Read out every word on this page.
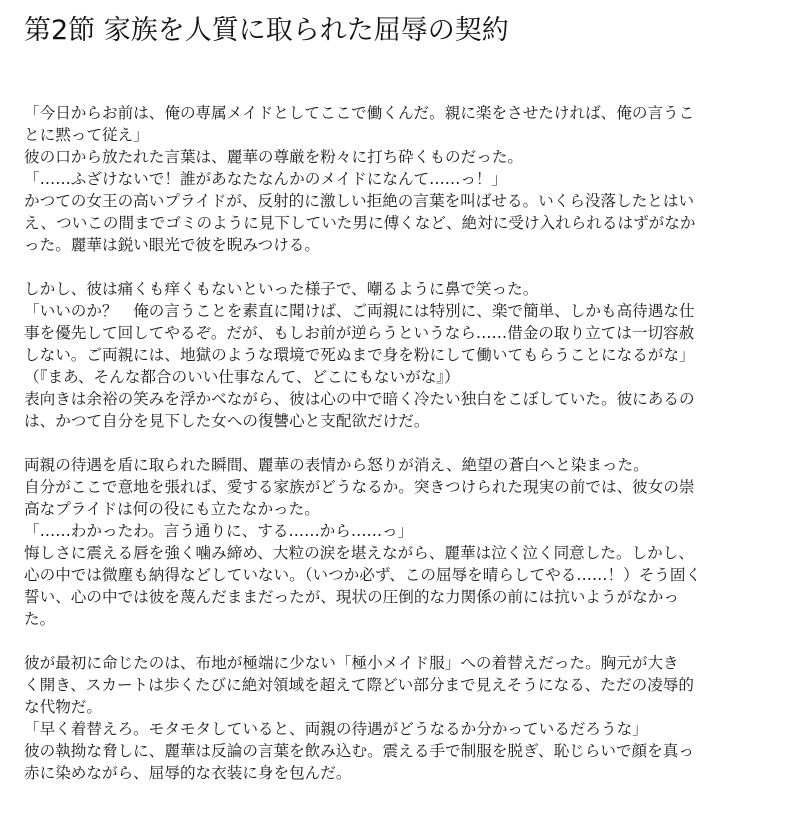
第2節 家族を人質に取られた屈辱の契約

「今日からお前は、俺の専属メイドとしてここで働くんだ。親に楽をさせたければ、俺の言うこ
とに黙って従え」
彼の口から放たれた言葉は、麗華の尊厳を粉々に打ち砕くものだった。
「……ふざけないで！誰があなたなんかのメイドになんて……っ！」
かつての女王の高いプライドが、反射的に激しい拒絶の言葉を叫ばせる。いくら没落したとはい
え、ついこの間までゴミのように見下していた男に傅くなど、絶対に受け入れられるはずがなか
った。麗華は鋭い眼光で彼を睨みつける。

しかし、彼は痛くも痒くもないといった様子で、嘲るように鼻で笑った。
「いいのか？　俺の言うことを素直に聞けば、ご両親には特別に、楽で簡単、しかも高待遇な仕
事を優先して回してやるぞ。だが、もしお前が逆らうというなら……借金の取り立ては一切容赦
しない。ご両親には、地獄のような環境で死ぬまで身を粉にして働いてもらうことになるがな」
（『まあ、そんな都合のいい仕事なんて、どこにもないがな』）
表向きは余裕の笑みを浮かべながら、彼は心の中で暗く冷たい独白をこぼしていた。彼にあるの
は、かつて自分を見下した女への復讐心と支配欲だけだ。

両親の待遇を盾に取られた瞬間、麗華の表情から怒りが消え、絶望の蒼白へと染まった。
自分がここで意地を張れば、愛する家族がどうなるか。突きつけられた現実の前では、彼女の崇
高なプライドは何の役にも立たなかった。
「……わかったわ。言う通りに、する……から……っ」
悔しさに震える唇を強く噛み締め、大粒の涙を堪えながら、麗華は泣く泣く同意した。しかし、
心の中では微塵も納得などしていない。（いつか必ず、この屈辱を晴らしてやる……！）そう固く
誓い、心の中では彼を蔑んだままだったが、現状の圧倒的な力関係の前には抗いようがなかっ
た。

彼が最初に命じたのは、布地が極端に少ない「極小メイド服」への着替えだった。胸元が大き
く開き、スカートは歩くたびに絶対領域を超えて際どい部分まで見えそうになる、ただの凌辱的
な代物だ。
「早く着替えろ。モタモタしていると、両親の待遇がどうなるか分かっているだろうな」
彼の執拗な脅しに、麗華は反論の言葉を飲み込む。震える手で制服を脱ぎ、恥じらいで顔を真っ
赤に染めながら、屈辱的な衣装に身を包んだ。
